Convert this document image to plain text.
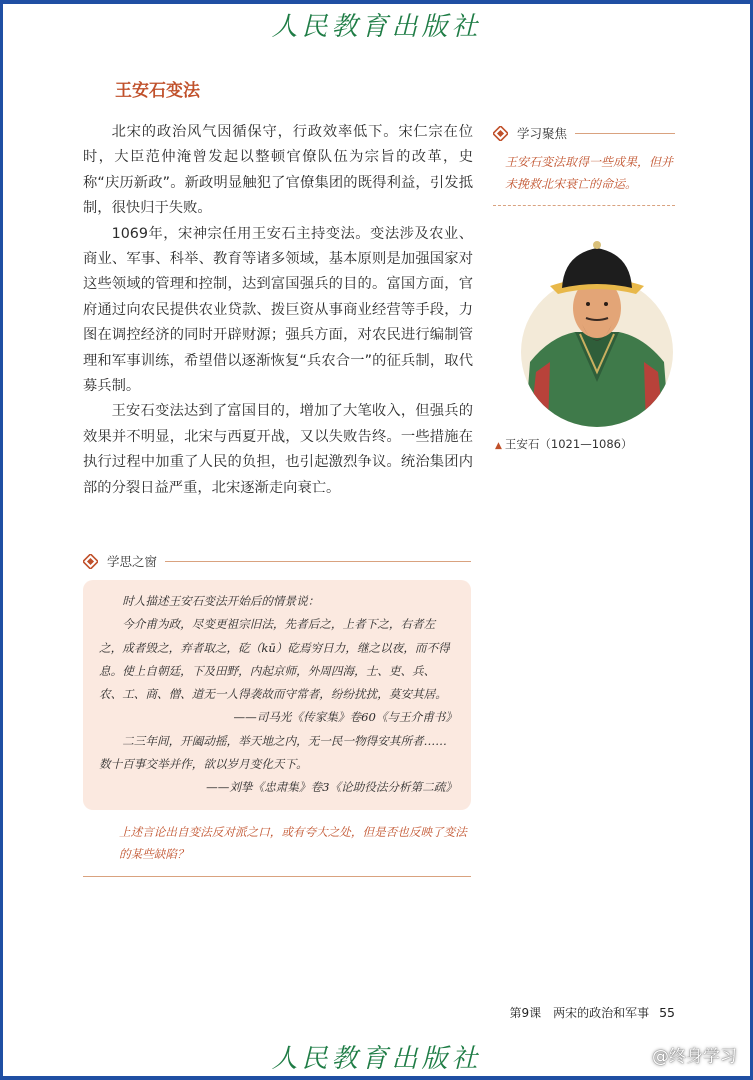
人民教育出版社
王安石变法

北宋的政治风气因循保守，行政效率低下。宋仁宗在位时，大臣范仲淹曾发起以整顿官僚队伍为宗旨的改革，史称“庆历新政”。新政明显触犯了官僚集团的既得利益，引发抵制，很快归于失败。

1069年，宋神宗任用王安石主持变法。变法涉及农业、商业、军事、科举、教育等诸多领域，基本原则是加强国家对这些领域的管理和控制，达到富国强兵的目的。富国方面，官府通过向农民提供农业贷款、拨巨资从事商业经营等手段，力图在调控经济的同时开辟财源；强兵方面，对农民进行编制管理和军事训练，希望借以逐渐恢复“兵农合一”的征兵制，取代募兵制。

王安石变法达到了富国目的，增加了大笔收入，但强兵的效果并不明显，北宋与西夏开战，又以失败告终。一些措施在执行过程中加重了人民的负担，也引起激烈争议。统治集团内部的分裂日益严重，北宋逐渐走向衰亡。

学习聚焦
王安石变法取得一些成果，但并未挽救北宋衰亡的命运。
▲ 王安石（1021—1086）
学思之窗

时人描述王安石变法开始后的情景说：

今介甫为政，尽变更祖宗旧法，先者后之，上者下之，右者左之，成者毁之，弃者取之，矻（kū）矻焉穷日力，继之以夜，而不得息。使上自朝廷，下及田野，内起京师，外周四海，士、吏、兵、农、工、商、僧、道无一人得袭故而守常者，纷纷扰扰，莫安其居。

——司马光《传家集》卷60《与王介甫书》

二三年间，开阖动摇，举天地之内，无一民一物得安其所者……数十百事交举并作，欲以岁月变化天下。

——刘挚《忠肃集》卷3《论助役法分析第二疏》

上述言论出自变法反对派之口，或有夸大之处，但是否也反映了变法的某些缺陷？

第9课　两宋的政治和军事 55
人民教育出版社	@终身学习
